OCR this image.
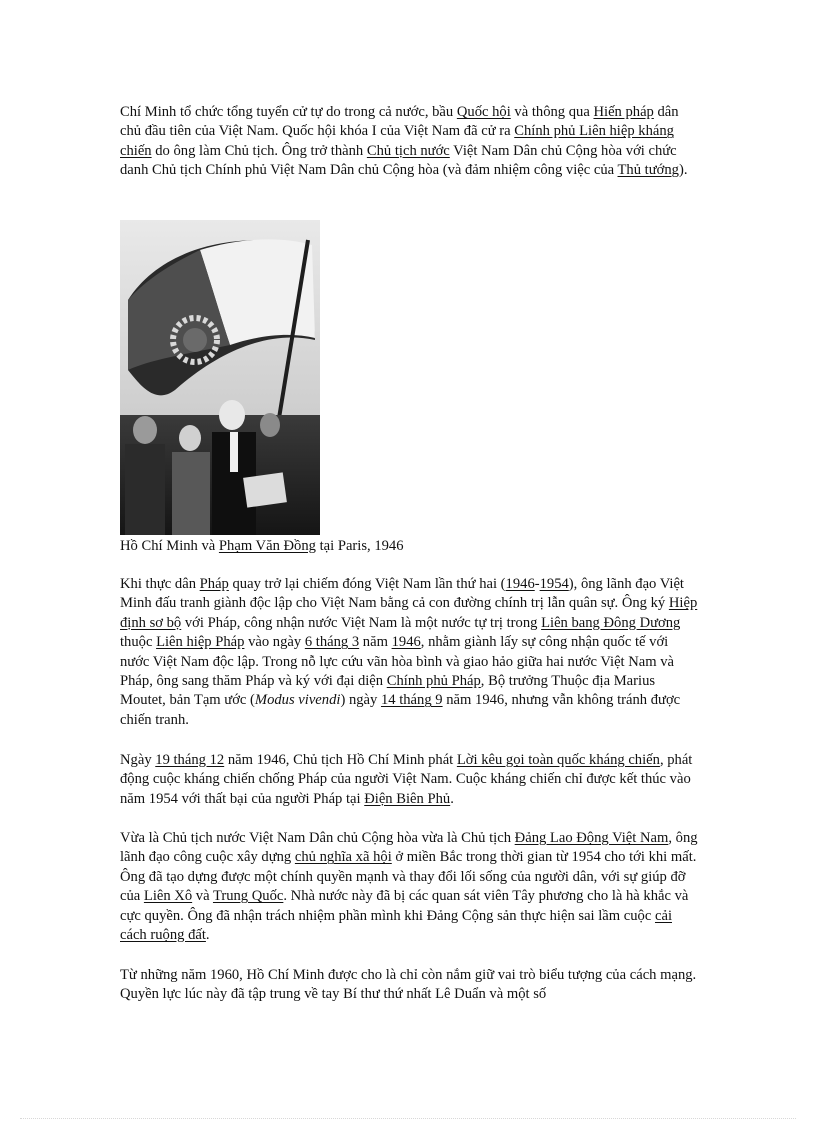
Chí Minh tổ chức tổng tuyển cử tự do trong cả nước, bầu Quốc hội và thông qua Hiến pháp dân chủ đầu tiên của Việt Nam. Quốc hội khóa I của Việt Nam đã cử ra Chính phủ Liên hiệp kháng chiến do ông làm Chủ tịch. Ông trở thành Chủ tịch nước Việt Nam Dân chủ Cộng hòa với chức danh Chủ tịch Chính phủ Việt Nam Dân chủ Cộng hòa (và đảm nhiệm công việc của Thủ tướng).

Hồ Chí Minh và Phạm Văn Đồng tại Paris, 1946

Khi thực dân Pháp quay trở lại chiếm đóng Việt Nam lần thứ hai (1946-1954), ông lãnh đạo Việt Minh đấu tranh giành độc lập cho Việt Nam bằng cả con đường chính trị lẫn quân sự. Ông ký Hiệp định sơ bộ với Pháp, công nhận nước Việt Nam là một nước tự trị trong Liên bang Đông Dương thuộc Liên hiệp Pháp vào ngày 6 tháng 3 năm 1946, nhằm giành lấy sự công nhận quốc tế với nước Việt Nam độc lập. Trong nỗ lực cứu vãn hòa bình và giao hảo giữa hai nước Việt Nam và Pháp, ông sang thăm Pháp và ký với đại diện Chính phủ Pháp, Bộ trưởng Thuộc địa Marius Moutet, bản Tạm ước (Modus vivendi) ngày 14 tháng 9 năm 1946, nhưng vẫn không tránh được chiến tranh.

Ngày 19 tháng 12 năm 1946, Chủ tịch Hồ Chí Minh phát Lời kêu gọi toàn quốc kháng chiến, phát động cuộc kháng chiến chống Pháp của người Việt Nam. Cuộc kháng chiến chỉ được kết thúc vào năm 1954 với thất bại của người Pháp tại Điện Biên Phủ.

Vừa là Chủ tịch nước Việt Nam Dân chủ Cộng hòa vừa là Chủ tịch Đảng Lao Động Việt Nam, ông lãnh đạo công cuộc xây dựng chủ nghĩa xã hội ở miền Bắc trong thời gian từ 1954 cho tới khi mất. Ông đã tạo dựng được một chính quyền mạnh và thay đổi lối sống của người dân, với sự giúp đỡ của Liên Xô và Trung Quốc. Nhà nước này đã bị các quan sát viên Tây phương cho là hà khắc và cực quyền. Ông đã nhận trách nhiệm phần mình khi Đảng Cộng sản thực hiện sai lầm cuộc cải cách ruộng đất.

Từ những năm 1960, Hồ Chí Minh được cho là chỉ còn nắm giữ vai trò biểu tượng của cách mạng. Quyền lực lúc này đã tập trung về tay Bí thư thứ nhất Lê Duẩn và một số
